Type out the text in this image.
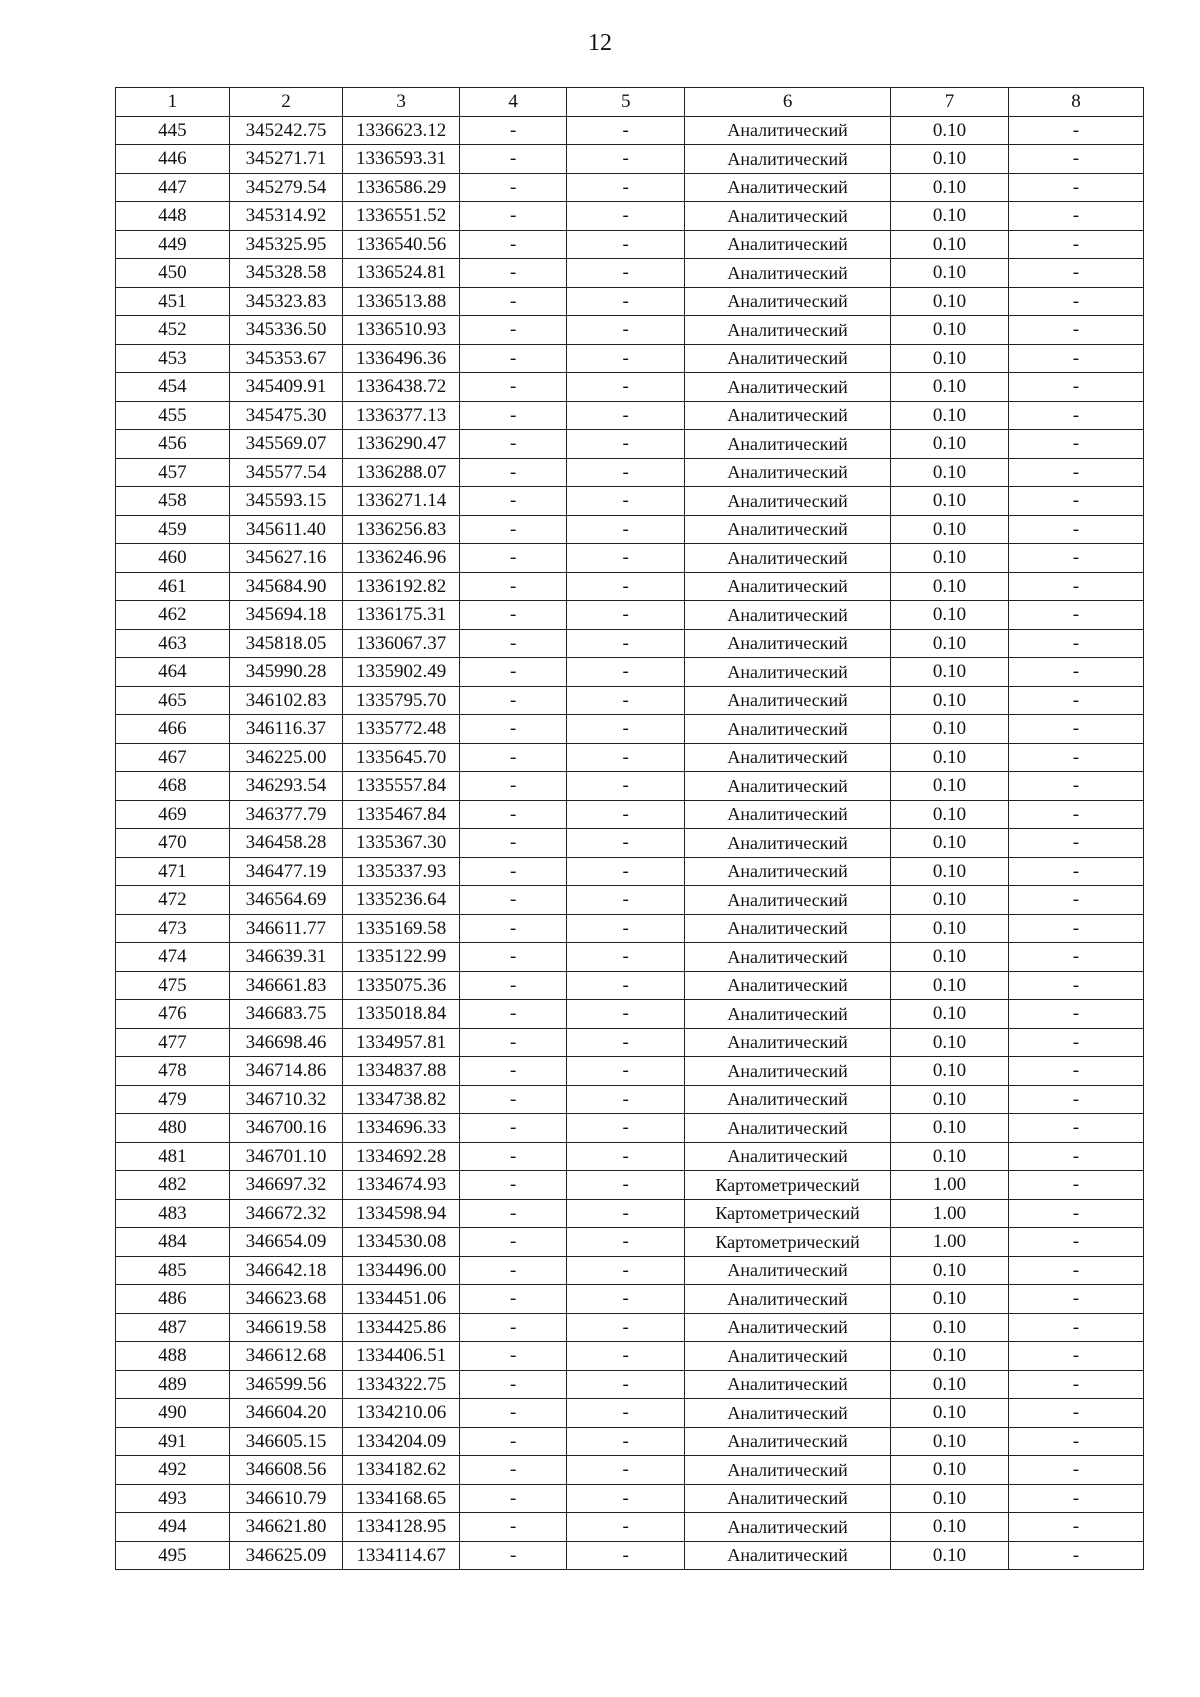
12
1	2	3	4	5	6	7	8
445	345242.75	1336623.12	-	-	Аналитический	0.10	-
446	345271.71	1336593.31	-	-	Аналитический	0.10	-
447	345279.54	1336586.29	-	-	Аналитический	0.10	-
448	345314.92	1336551.52	-	-	Аналитический	0.10	-
449	345325.95	1336540.56	-	-	Аналитический	0.10	-
450	345328.58	1336524.81	-	-	Аналитический	0.10	-
451	345323.83	1336513.88	-	-	Аналитический	0.10	-
452	345336.50	1336510.93	-	-	Аналитический	0.10	-
453	345353.67	1336496.36	-	-	Аналитический	0.10	-
454	345409.91	1336438.72	-	-	Аналитический	0.10	-
455	345475.30	1336377.13	-	-	Аналитический	0.10	-
456	345569.07	1336290.47	-	-	Аналитический	0.10	-
457	345577.54	1336288.07	-	-	Аналитический	0.10	-
458	345593.15	1336271.14	-	-	Аналитический	0.10	-
459	345611.40	1336256.83	-	-	Аналитический	0.10	-
460	345627.16	1336246.96	-	-	Аналитический	0.10	-
461	345684.90	1336192.82	-	-	Аналитический	0.10	-
462	345694.18	1336175.31	-	-	Аналитический	0.10	-
463	345818.05	1336067.37	-	-	Аналитический	0.10	-
464	345990.28	1335902.49	-	-	Аналитический	0.10	-
465	346102.83	1335795.70	-	-	Аналитический	0.10	-
466	346116.37	1335772.48	-	-	Аналитический	0.10	-
467	346225.00	1335645.70	-	-	Аналитический	0.10	-
468	346293.54	1335557.84	-	-	Аналитический	0.10	-
469	346377.79	1335467.84	-	-	Аналитический	0.10	-
470	346458.28	1335367.30	-	-	Аналитический	0.10	-
471	346477.19	1335337.93	-	-	Аналитический	0.10	-
472	346564.69	1335236.64	-	-	Аналитический	0.10	-
473	346611.77	1335169.58	-	-	Аналитический	0.10	-
474	346639.31	1335122.99	-	-	Аналитический	0.10	-
475	346661.83	1335075.36	-	-	Аналитический	0.10	-
476	346683.75	1335018.84	-	-	Аналитический	0.10	-
477	346698.46	1334957.81	-	-	Аналитический	0.10	-
478	346714.86	1334837.88	-	-	Аналитический	0.10	-
479	346710.32	1334738.82	-	-	Аналитический	0.10	-
480	346700.16	1334696.33	-	-	Аналитический	0.10	-
481	346701.10	1334692.28	-	-	Аналитический	0.10	-
482	346697.32	1334674.93	-	-	Картометрический	1.00	-
483	346672.32	1334598.94	-	-	Картометрический	1.00	-
484	346654.09	1334530.08	-	-	Картометрический	1.00	-
485	346642.18	1334496.00	-	-	Аналитический	0.10	-
486	346623.68	1334451.06	-	-	Аналитический	0.10	-
487	346619.58	1334425.86	-	-	Аналитический	0.10	-
488	346612.68	1334406.51	-	-	Аналитический	0.10	-
489	346599.56	1334322.75	-	-	Аналитический	0.10	-
490	346604.20	1334210.06	-	-	Аналитический	0.10	-
491	346605.15	1334204.09	-	-	Аналитический	0.10	-
492	346608.56	1334182.62	-	-	Аналитический	0.10	-
493	346610.79	1334168.65	-	-	Аналитический	0.10	-
494	346621.80	1334128.95	-	-	Аналитический	0.10	-
495	346625.09	1334114.67	-	-	Аналитический	0.10	-
